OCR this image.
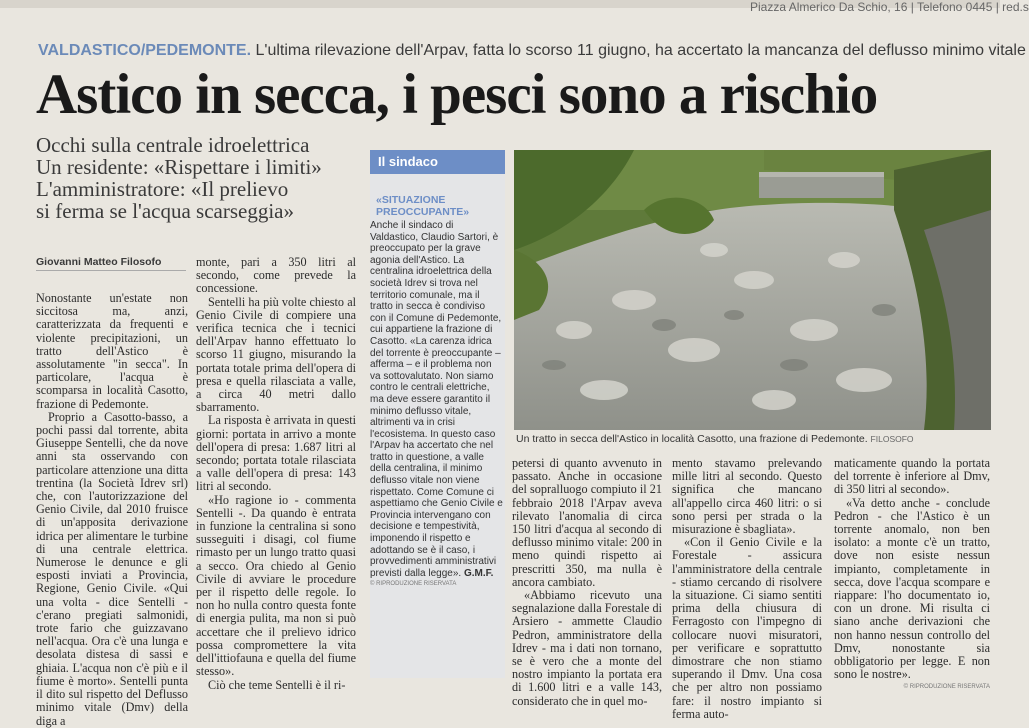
Piazza Almerico Da Schio, 16 | Telefono 0445 | red.s
VALDASTICO/PEDEMONTE. L'ultima rilevazione dell'Arpav, fatta lo scorso 11 giugno, ha accertato la mancanza del deflusso minimo vitale
Astico in secca, i pesci sono a rischio
Occhi sulla centrale idroelettrica
Un residente: «Rispettare i limiti»
L'amministratore: «Il prelievo
si ferma se l'acqua scarseggia»
Giovanni Matteo Filosofo

Nonostante un'estate non siccitosa ma, anzi, caratterizzata da frequenti e violente precipitazioni, un tratto dell'Astico è assolutamente "in secca". In particolare, l'acqua è scomparsa in località Casotto, frazione di Pedemonte.

Proprio a Casotto-basso, a pochi passi dal torrente, abita Giuseppe Sentelli, che da nove anni sta osservando con particolare attenzione una ditta trentina (la Società Idrev srl) che, con l'autorizzazione del Genio Civile, dal 2010 fruisce di un'apposita derivazione idrica per alimentare le turbine di una centrale elettrica. Numerose le denunce e gli esposti inviati a Provincia, Regione, Genio Civile. «Qui una volta - dice Sentelli - c'erano pregiati salmonidi, trote fario che guizzavano nell'acqua. Ora c'è una lunga e desolata distesa di sassi e ghiaia. L'acqua non c'è più e il fiume è morto». Sentelli punta il dito sul rispetto del Deflusso minimo vitale (Dmv) della diga a

monte, pari a 350 litri al secondo, come prevede la concessione.

Sentelli ha più volte chiesto al Genio Civile di compiere una verifica tecnica che i tecnici dell'Arpav hanno effettuato lo scorso 11 giugno, misurando la portata totale prima dell'opera di presa e quella rilasciata a valle, a circa 40 metri dallo sbarramento.

La risposta è arrivata in questi giorni: portata in arrivo a monte dell'opera di presa: 1.687 litri al secondo; portata totale rilasciata a valle dell'opera di presa: 143 litri al secondo.

«Ho ragione io - commenta Sentelli -. Da quando è entrata in funzione la centralina si sono susseguiti i disagi, col fiume rimasto per un lungo tratto quasi a secco. Ora chiedo al Genio Civile di avviare le procedure per il rispetto delle regole. Io non ho nulla contro questa fonte di energia pulita, ma non si può accettare che il prelievo idrico possa compromettere la vita dell'ittiofauna e quella del fiume stesso».

Ciò che teme Sentelli è il ri-

Il sindaco
«SITUAZIONE PREOCCUPANTE»
Anche il sindaco di Valdastico, Claudio Sartori, è preoccupato per la grave agonia dell'Astico. La centralina idroelettrica della società Idrev si trova nel territorio comunale, ma il tratto in secca è condiviso con il Comune di Pedemonte, cui appartiene la frazione di Casotto. «La carenza idrica del torrente è preoccupante – afferma – e il problema non va sottovalutato. Non siamo contro le centrali elettriche, ma deve essere garantito il minimo deflusso vitale, altrimenti va in crisi l'ecosistema. In questo caso l'Arpav ha accertato che nel tratto in questione, a valle della centralina, il minimo deflusso vitale non viene rispettato. Come Comune ci aspettiamo che Genio Civile e Provincia intervengano con decisione e tempestività, imponendo il rispetto e adottando se è il caso, i provvedimenti amministrativi previsti dalla legge». G.M.F.
© RIPRODUZIONE RISERVATA
Un tratto in secca dell'Astico in località Casotto, una frazione di Pedemonte. FILOSOFO

petersi di quanto avvenuto in passato. Anche in occasione del sopralluogo compiuto il 21 febbraio 2018 l'Arpav aveva rilevato l'anomalia di circa 150 litri d'acqua al secondo di deflusso minimo vitale: 200 in meno quindi rispetto ai prescritti 350, ma nulla è ancora cambiato.

«Abbiamo ricevuto una segnalazione dalla Forestale di Arsiero - ammette Claudio Pedron, amministratore della Idrev - ma i dati non tornano, se è vero che a monte del nostro impianto la portata era di 1.600 litri e a valle 143, considerato che in quel mo-

mento stavamo prelevando mille litri al secondo. Questo significa che mancano all'appello circa 460 litri: o si sono persi per strada o la misurazione è sbagliata».

«Con il Genio Civile e la Forestale - assicura l'amministratore della centrale - stiamo cercando di risolvere la situazione. Ci siamo sentiti prima della chiusura di Ferragosto con l'impegno di collocare nuovi misuratori, per verificare e soprattutto dimostrare che non stiamo superando il Dmv. Una cosa che per altro non possiamo fare: il nostro impianto si ferma auto-

maticamente quando la portata del torrente è inferiore al Dmv, di 350 litri al secondo».

«Va detto anche - conclude Pedron - che l'Astico è un torrente anomalo, non ben isolato: a monte c'è un tratto, dove non esiste nessun impianto, completamente in secca, dove l'acqua scompare e riappare: l'ho documentato io, con un drone. Mi risulta ci siano anche derivazioni che non hanno nessun controllo del Dmv, nonostante sia obbligatorio per legge. E non sono le nostre».

© RIPRODUZIONE RISERVATA
